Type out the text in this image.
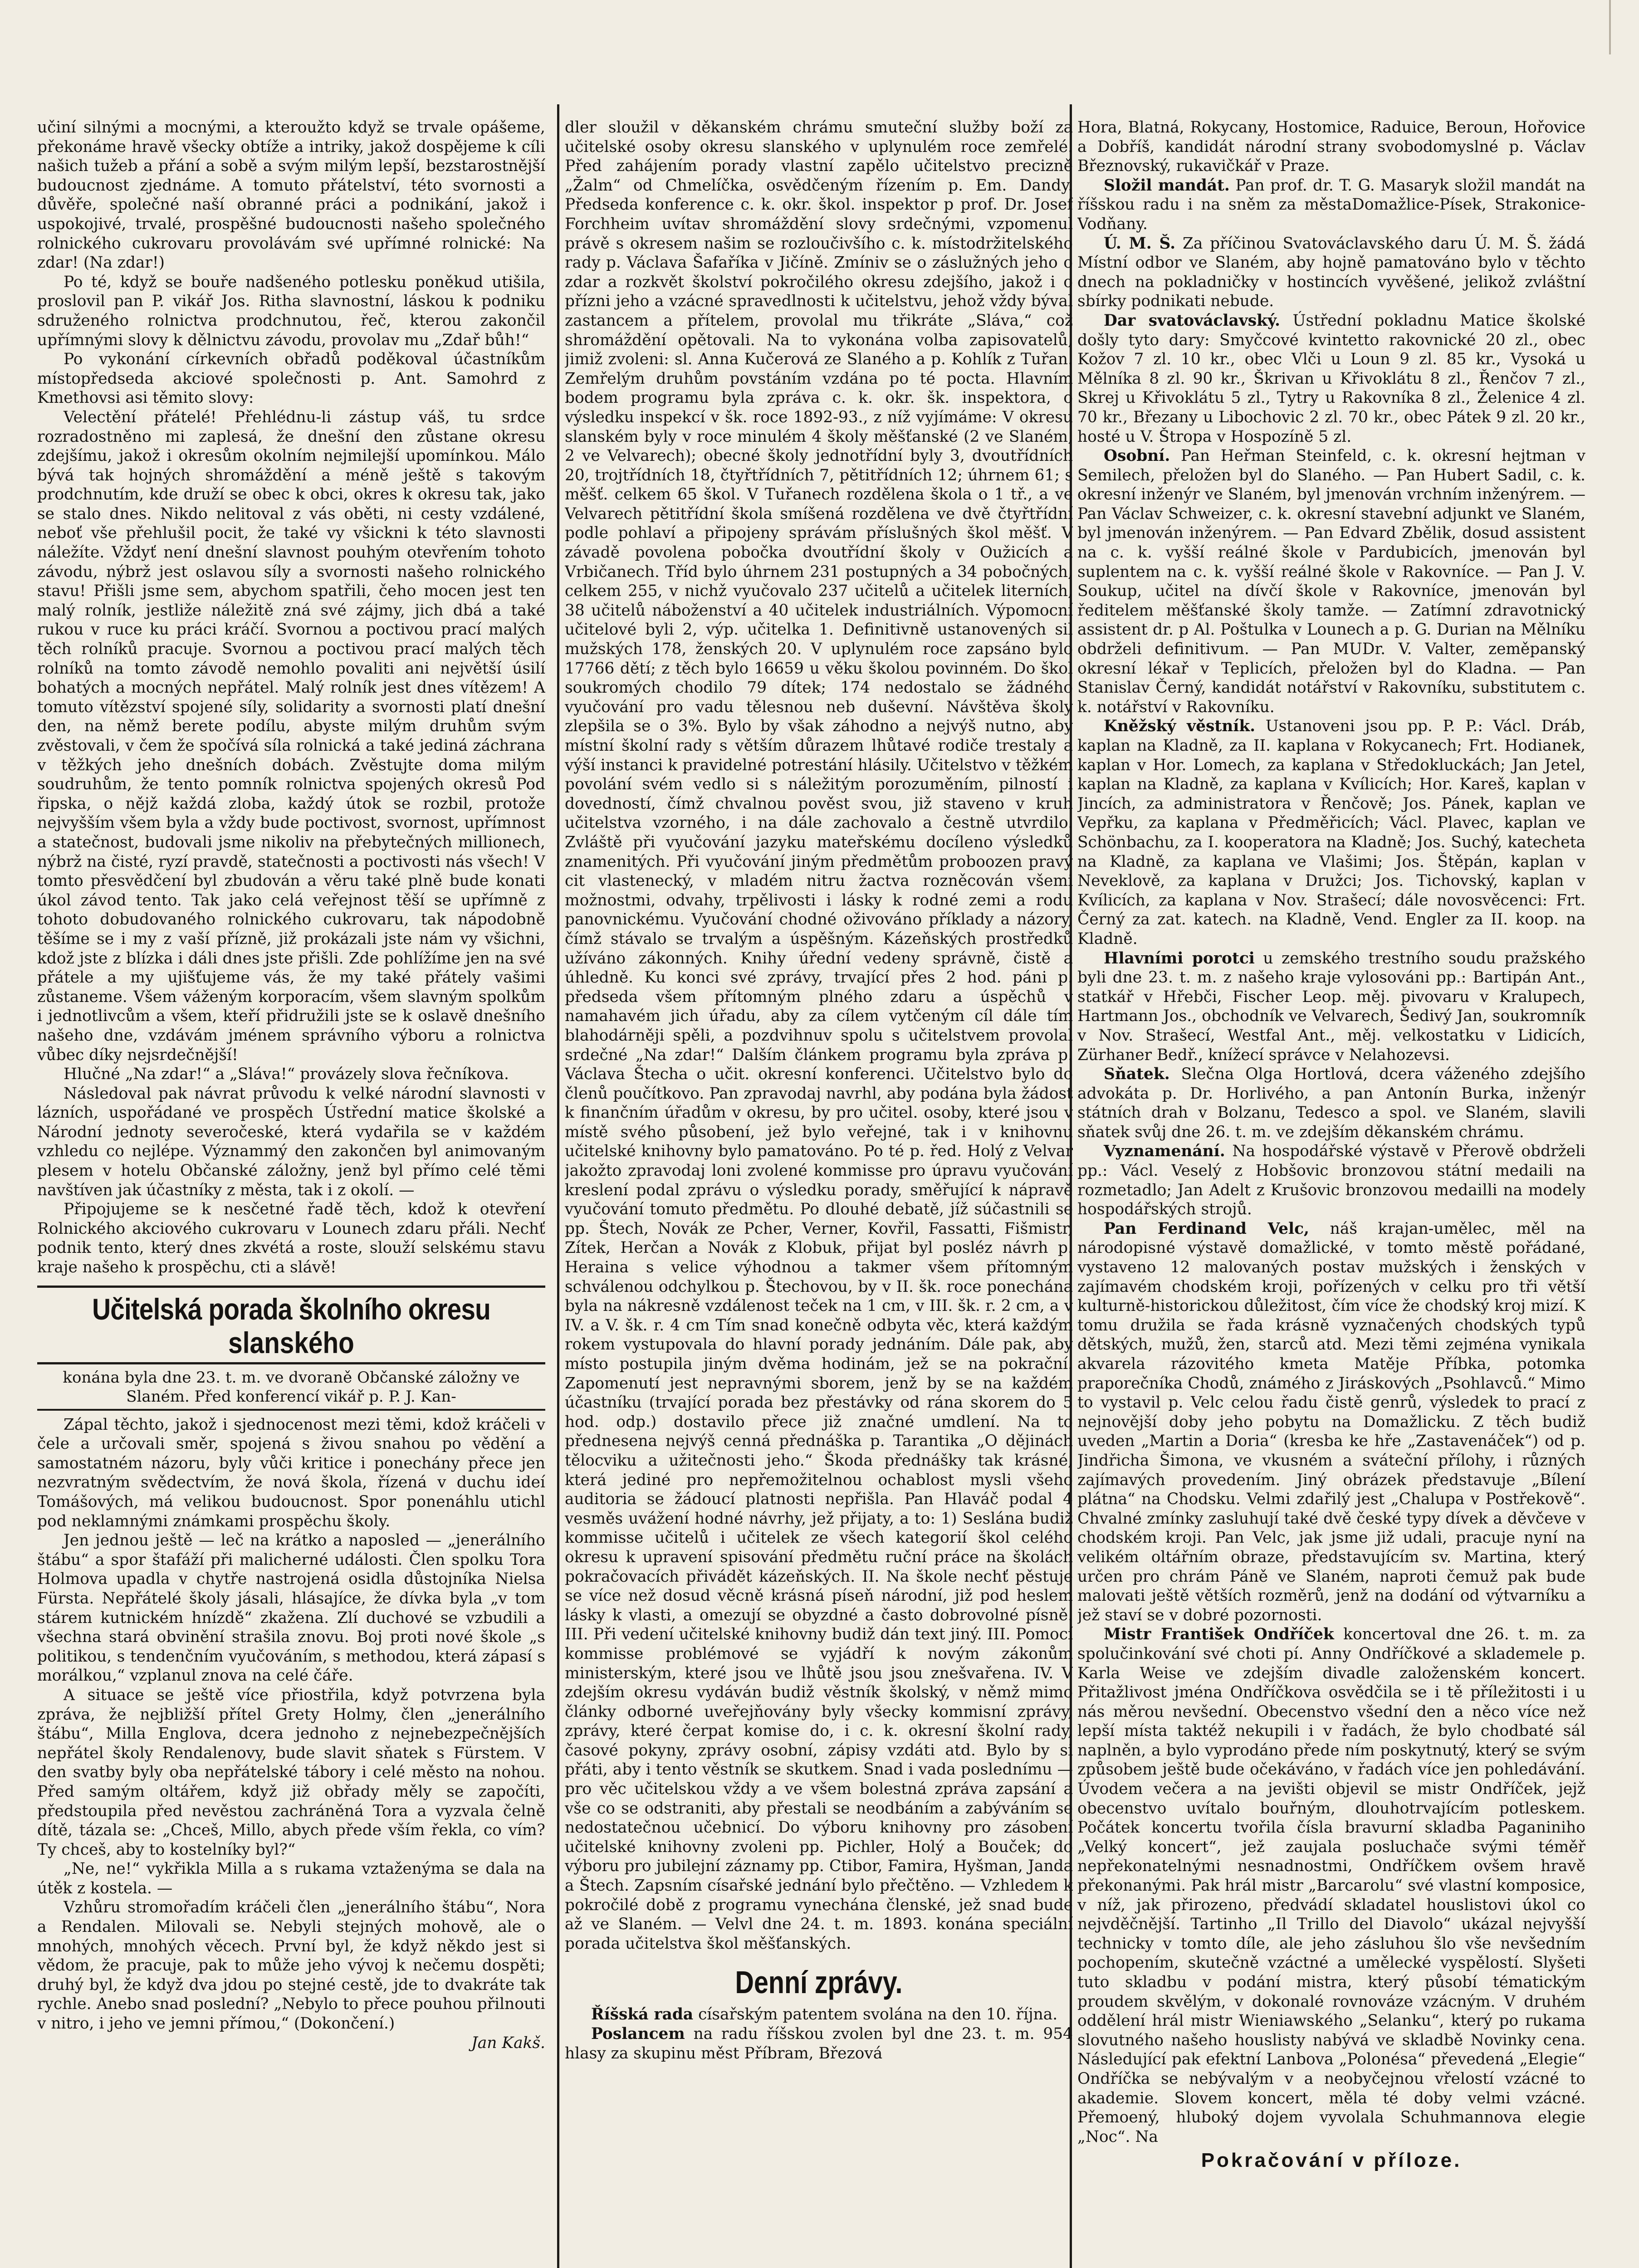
učiní silnými a mocnými, a kteroužto když se trvale opášeme, překonáme hravě všecky obtíže a intriky, jakož dospějeme k cíli našich tužeb a přání a sobě a svým milým lepší, bezstarostnější budoucnost zjednáme. A tomuto přátelství, této svornosti a důvěře, společné naší obranné práci a podnikání, jakož i uspokojivé, trvalé, prospěšné budoucnosti našeho společného rolnického cukrovaru provolávám své upřímné rolnické: Na zdar! (Na zdar!)

Po té, když se bouře nadšeného potlesku poněkud utišila, proslovil pan P. vikář Jos. Ritha slavnostní, láskou k podniku sdruženého rolnictva prodchnutou, řeč, kterou zakončil upřímnými slovy k dělnictvu závodu, provolav mu „Zdař bůh!“

Po vykonání církevních obřadů poděkoval účastníkům místopředseda akciové společnosti p. Ant. Samohrd z Kmethovsi asi těmito slovy:

Velectění přátelé! Přehlédnu-li zástup váš, tu srdce rozradostněno mi zaplesá, že dnešní den zůstane okresu zdejšímu, jakož i okresům okolním nejmilejší upomínkou. Málo bývá tak hojných shromáždění a méně ještě s takovým prodchnutím, kde druží se obec k obci, okres k okresu tak, jako se stalo dnes. Nikdo nelitoval z vás oběti, ni cesty vzdálené, neboť vše přehlušil pocit, že také vy všickni k této slavnosti náležíte. Vždyť není dnešní slavnost pouhým otevřením tohoto závodu, nýbrž jest oslavou síly a svornosti našeho rolnického stavu! Přišli jsme sem, abychom spatřili, čeho mocen jest ten malý rolník, jestliže náležitě zná své zájmy, jich dbá a také rukou v ruce ku práci kráčí. Svornou a poctivou prací malých těch rolníků pracuje. Svornou a poctivou prací malých těch rolníků na tomto závodě nemohlo povaliti ani největší úsilí bohatých a mocných nepřátel. Malý rolník jest dnes vítězem! A tomuto vítězství spojené síly, solidarity a svornosti platí dnešní den, na němž berete podílu, abyste milým druhům svým zvěstovali, v čem že spočívá síla rolnická a také jediná záchrana v těžkých jeho dnešních dobách. Zvěstujte doma milým soudruhům, že tento pomník rolnictva spojených okresů Pod řipska, o nějž každá zloba, každý útok se rozbil, protože nejvyšším všem byla a vždy bude poctivost, svornost, upřímnost a statečnost, budovali jsme nikoliv na přebytečných millionech, nýbrž na čisté, ryzí pravdě, statečnosti a poctivosti nás všech! V tomto přesvědčení byl zbudován a věru také plně bude konati úkol závod tento. Tak jako celá veřejnost těší se upřímně z tohoto dobudovaného rolnického cukrovaru, tak nápodobně těšíme se i my z vaší přízně, již prokázali jste nám vy všichni, kdož jste z blízka i dáli dnes jste přišli. Zde pohlížíme jen na své přátele a my ujišťujeme vás, že my také přátely vašimi zůstaneme. Všem váženým korporacím, všem slavným spolkům i jednotlivcům a všem, kteří přidružili jste se k oslavě dnešního našeho dne, vzdávám jménem správního výboru a rolnictva vůbec díky nejsrdečnější!

Hlučné „Na zdar!“ a „Sláva!“ provázely slova řečníkova.

Následoval pak návrat průvodu k velké národní slavnosti v lázních, uspořádané ve prospěch Ústřední matice školské a Národní jednoty severočeské, která vydařila se v každém vzhledu co nejlépe. Význammý den zakončen byl animovaným plesem v hotelu Občanské záložny, jenž byl přímo celé těmi navštíven jak účastníky z města, tak i z okolí. —

Připojujeme se k nesčetné řadě těch, kdož k otevření Rolnického akciového cukrovaru v Lounech zdaru přáli. Nechť podnik tento, který dnes zkvétá a roste, slouží selskému stavu kraje našeho k prospěchu, cti a slávě!

Učitelská porada školního okresu
slanského
konána byla dne 23. t. m. ve dvoraně Občanské záložny ve Slaném. Před konferencí vikář p. P. J. Kan-

Zápal těchto, jakož i sjednocenost mezi těmi, kdož kráčeli v čele a určovali směr, spojená s živou snahou po vědění a samostatném názoru, byly vůči kritice i ponechány přece jen nezvratným svědectvím, že nová škola, řízená v duchu ideí Tomášových, má velikou budoucnost. Spor ponenáhlu utichl pod neklamnými známkami prospěchu školy.

Jen jednou ještě — leč na krátko a naposled — „jenerálního štábu“ a spor štafáží při malicherné události. Člen spolku Tora Holmova upadla v chytře nastrojená osidla důstojníka Nielsa Fürsta. Nepřátelé školy jásali, hlásajíce, že dívka byla „v tom stárem kutnickém hnízdě“ zkažena. Zlí duchové se vzbudili a všechna stará obvinění strašila znovu. Boj proti nové škole „s politikou, s tendenčním vyučováním, s methodou, která zápasí s morálkou,“ vzplanul znova na celé čáře.

A situace se ještě více přiostřila, když potvrzena byla zpráva, že nejbližší přítel Grety Holmy, člen „jenerálního štábu“, Milla Englova, dcera jednoho z nejnebezpečnějších nepřátel školy Rendalenovy, bude slavit sňatek s Fürstem. V den svatby byly oba nepřátelské tábory i celé město na nohou. Před samým oltářem, když již obřady měly se započíti, předstoupila před nevěstou zachráněná Tora a vyzvala čelně dítě, tázala se: „Chceš, Millo, abych přede vším řekla, co vím? Ty chceš, aby to kostelníky byl?“

„Ne, ne!“ vykřikla Milla a s rukama vztaženýma se dala na útěk z kostela. —

Vzhůru stromořadím kráčeli člen „jenerálního štábu“, Nora a Rendalen. Milovali se. Nebyli stejných mohově, ale o mnohých, mnohých věcech. První byl, že když někdo jest si vědom, že pracuje, pak to může jeho vývoj k nečemu dospěti; druhý byl, že když dva jdou po stejné cestě, jde to dvakráte tak rychle. Anebo snad poslední? „Nebylo to přece pouhou přilnouti v nitro, i jeho ve jemni přímou,“ (Dokončení.)

Jan Kakš.

dler sloužil v děkanském chrámu smuteční služby boží za učitelské osoby okresu slanského v uplynulém roce zemřelé. Před zahájením porady vlastní zapělo učitelstvo precizně „Žalm“ od Chmelíčka, osvědčeným řízením p. Em. Dandy. Předseda konference c. k. okr. škol. inspektor p prof. Dr. Josef Forchheim uvítav shromáždění slovy srdečnými, vzpomenul právě s okresem našim se rozloučivšího c. k. místodržitelského rady p. Václava Šafaříka v Jičíně. Zmíniv se o záslužných jeho o zdar a rozkvět školství pokročilého okresu zdejšího, jakož i o přízni jeho a vzácné spravedlnosti k učitelstvu, jehož vždy býval zastancem a přítelem, provolal mu třikráte „Sláva,“ což shromáždění opětovali. Na to vykonána volba zapisovatelů, jimiž zvoleni: sl. Anna Kučerová ze Slaného a p. Kohlík z Tuřan. Zemřelým druhům povstáním vzdána po té pocta. Hlavním bodem programu byla zpráva c. k. okr. šk. inspektora, o výsledku inspekcí v šk. roce 1892-93., z níž vyjímáme: V okresu slanském byly v roce minulém 4 školy měšťanské (2 ve Slaném, 2 ve Velvarech); obecné školy jednotřídní byly 3, dvoutřídních 20, trojtřídních 18, čtyřtřídních 7, pětitřídních 12; úhrnem 61; s měšť. celkem 65 škol. V Tuřanech rozdělena škola o 1 tř., a ve Velvarech pětitřídní škola smíšená rozdělena ve dvě čtyřtřídní podle pohlaví a připojeny správám příslušných škol měšť. V závadě povolena pobočka dvoutřídní školy v Oužicích a Vrbičanech. Tříd bylo úhrnem 231 postupných a 34 pobočných, celkem 255, v nichž vyučovalo 237 učitelů a učitelek literních, 38 učitelů náboženství a 40 učitelek industriálních. Výpomocní učitelové byli 2, výp. učitelka 1. Definitivně ustanovených sil mužských 178, ženských 20. V uplynulém roce zapsáno bylo 17766 dětí; z těch bylo 16659 u věku školou povinném. Do škol soukromých chodilo 79 dítek; 174 nedostalo se žádného vyučování pro vadu tělesnou neb duševní. Návštěva školy zlepšila se o 3%. Bylo by však záhodno a nejvýš nutno, aby místní školní rady s větším důrazem lhůtavé rodiče trestaly a výší instanci k pravidelné potrestání hlásily. Učitelstvo v těžkém povolání svém vedlo si s náležitým porozuměním, pilností i dovedností, čímž chvalnou pověst svou, již staveno v kruh učitelstva vzorného, i na dále zachovalo a čestně utvrdilo. Zvláště při vyučování jazyku mateřskému docíleno výsledků znamenitých. Při vyučování jiným předmětům proboozen pravý cit vlastenecký, v mladém nitru žactva rozněcován všemi možnostmi, odvahy, trpělivosti i lásky k rodné zemi a rodu panovnickému. Vyučování chodné oživováno příklady a názory, čímž stávalo se trvalým a úspěšným. Kázeňských prostředků užíváno zákonných. Knihy úřední vedeny správně, čistě a úhledně. Ku konci své zprávy, trvající přes 2 hod. páni p. předseda všem přítomným plného zdaru a úspěchů v namahavém jich úřadu, aby za cílem vytčeným cíl dále tím blahodárněji spěli, a pozdvihnuv spolu s učitelstvem provolal srdečné „Na zdar!“ Dalším článkem programu byla zpráva p. Václava Štecha o učit. okresní konferenci. Učitelstvo bylo do členů poučítkovo. Pan zpravodaj navrhl, aby podána byla žádost k finančním úřadům v okresu, by pro učitel. osoby, které jsou v místě svého působení, jež bylo veřejné, tak i v knihovnu učitelské knihovny bylo pamatováno. Po té p. řed. Holý z Velvar jakožto zpravodaj loni zvolené kommisse pro úpravu vyučování kreslení podal zprávu o výsledku porady, směřující k nápravě vyučování tomuto předmětu. Po dlouhé debatě, jíž súčastnili se pp. Štech, Novák ze Pcher, Verner, Kovřil, Fassatti, Fišmistr, Zítek, Herčan a Novák z Klobuk, přijat byl posléz návrh p. Heraina s velice výhodnou a takmer všem přítomným schválenou odchylkou p. Štechovou, by v II. šk. roce ponechána byla na nákresně vzdálenost teček na 1 cm, v III. šk. r. 2 cm, a v IV. a V. šk. r. 4 cm Tím snad konečně odbyta věc, která každým rokem vystupovala do hlavní porady jednáním. Dále pak, aby místo postupila jiným dvěma hodinám, jež se na pokrační. Zapomenutí jest nepravnými sborem, jenž by se na každém účastníku (trvající porada bez přestávky od rána skorem do 5 hod. odp.) dostavilo přece již značné umdlení. Na to přednesena nejvýš cenná přednáška p. Tarantika „O dějinách tělocviku a užitečnosti jeho.“ Škoda přednášky tak krásné, která jediné pro nepřemožitelnou ochablost mysli všeho auditoria se žádoucí platnosti nepřišla. Pan Hlaváč podal 4 vesměs uvážení hodné návrhy, jež přijaty, a to: 1) Seslána budiž kommisse učitelů i učitelek ze všech kategorií škol celého okresu k upravení spisování předmětu ruční práce na školách pokračovacích přivádět kázeňských. II. Na škole nechť pěstuje se více než dosud věcně krásná píseň národní, již pod heslem lásky k vlasti, a omezují se obyzdné a často dobrovolné písně. III. Při vedení učitelské knihovny budiž dán text jiný. III. Pomocí kommisse problémové se vyjádří k novým zákonům ministerským, které jsou ve lhůtě jsou jsou znešvařena. IV. V zdejším okresu vydáván budiž věstník školský, v němž mimo články odborné uveřejňovány byly všecky kommisní zprávy, zprávy, které čerpat komise do, i c. k. okresní školní rady, časové pokyny, zprávy osobní, zápisy vzdáti atd. Bylo by si přáti, aby i tento věstník se skutkem. Snad i vada poslednímu — pro věc učitelskou vždy a ve všem bolestná zpráva zapsání a vše co se odstraniti, aby přestali se neodbáním a zabýváním se nedostatečnou učebnicí. Do výboru knihovny pro zásobení učitelské knihovny zvoleni pp. Pichler, Holý a Bouček; do výboru pro jubilejní záznamy pp. Ctibor, Famira, Hyšman, Janda a Štech. Zapsním císařské jednání bylo přečtěno. — Vzhledem k pokročilé době z programu vynechána členské, jež snad bude až ve Slaném. — Velvl dne 24. t. m. 1893. konána speciální porada učitelstva škol měšťanských.

Denní zprávy.

Říšská rada císařským patentem svolána na den 10. října.

Poslancem na radu říšskou zvolen byl dne 23. t. m. 954 hlasy za skupinu měst Příbram, Březová

Hora, Blatná, Rokycany, Hostomice, Raduice, Beroun, Hořovice a Dobříš, kandidát národní strany svobodomyslné p. Václav Březnovský, rukavičkář v Praze.

Složil mandát. Pan prof. dr. T. G. Masaryk složil mandát na říšskou radu i na sněm za městaDomažlice-Písek, Strakonice-Vodňany.

Ú. M. Š. Za příčinou Svatováclavského daru Ú. M. Š. žádá Místní odbor ve Slaném, aby hojně pamatováno bylo v těchto dnech na pokladničky v hostincích vyvěšené, jelikož zvláštní sbírky podnikati nebude.

Dar svatováclavský. Ústřední pokladnu Matice školské došly tyto dary: Smyčcové kvintetto rakovnické 20 zl., obec Kožov 7 zl. 10 kr., obec Vlči u Loun 9 zl. 85 kr., Vysoká u Mělníka 8 zl. 90 kr., Škrivan u Křivoklátu 8 zl., Řenčov 7 zl., Skrej u Křivoklátu 5 zl., Tytry u Rakovníka 8 zl., Želenice 4 zl. 70 kr., Březany u Libochovic 2 zl. 70 kr., obec Pátek 9 zl. 20 kr., hosté u V. Štropa v Hospozíně 5 zl.

Osobní. Pan Heřman Steinfeld, c. k. okresní hejtman v Semilech, přeložen byl do Slaného. — Pan Hubert Sadil, c. k. okresní inženýr ve Slaném, byl jmenován vrchním inženýrem. — Pan Václav Schweizer, c. k. okresní stavební adjunkt ve Slaném, byl jmenován inženýrem. — Pan Edvard Zbělik, dosud assistent na c. k. vyšší reálné škole v Pardubicích, jmenován byl suplentem na c. k. vyšší reálné škole v Rakovníce. — Pan J. V. Soukup, učitel na dívčí škole v Rakovníce, jmenován byl ředitelem měšťanské školy tamže. — Zatímní zdravotnický assistent dr. p Al. Poštulka v Lounech a p. G. Durian na Mělníku obdrželi definitivum. — Pan MUDr. V. Valter, zeměpanský okresní lékař v Teplicích, přeložen byl do Kladna. — Pan Stanislav Černý, kandidát notářství v Rakovníku, substitutem c. k. notářství v Rakovníku.

Kněžský věstník. Ustanoveni jsou pp. P. P.: Václ. Dráb, kaplan na Kladně, za II. kaplana v Rokycanech; Frt. Hodianek, kaplan v Hor. Lomech, za kaplana v Středokluckách; Jan Jetel, kaplan na Kladně, za kaplana v Kvílicích; Hor. Kareš, kaplan v Jincích, za administratora v Řenčově; Jos. Pánek, kaplan ve Vepřku, za kaplana v Předměřicích; Václ. Plavec, kaplan ve Schönbachu, za I. kooperatora na Kladně; Jos. Suchý, katecheta na Kladně, za kaplana ve Vlašimi; Jos. Štěpán, kaplan v Neveklově, za kaplana v Družci; Jos. Tichovský, kaplan v Kvílicích, za kaplana v Nov. Strašecí; dále novosvěcenci: Frt. Černý za zat. katech. na Kladně, Vend. Engler za II. koop. na Kladně.

Hlavními porotci u zemského trestního soudu pražského byli dne 23. t. m. z našeho kraje vylosováni pp.: Bartipán Ant., statkář v Hřebči, Fischer Leop. měj. pivovaru v Kralupech, Hartmann Jos., obchodník ve Velvarech, Šedivý Jan, soukromník v Nov. Strašecí, Westfal Ant., měj. velkostatku v Lidicích, Zürhaner Bedř., knížecí správce v Nelahozevsi.

Sňatek. Slečna Olga Hortlová, dcera váženého zdejšího advokáta p. Dr. Horlivého, a pan Antonín Burka, inženýr státních drah v Bolzanu, Tedesco a spol. ve Slaném, slavili sňatek svůj dne 26. t. m. ve zdejším děkanském chrámu.

Vyznamenání. Na hospodářské výstavě v Přerově obdrželi pp.: Václ. Veselý z Hobšovic bronzovou státní medaili na rozmetadlo; Jan Adelt z Krušovic bronzovou medailli na modely hospodářských strojů.

Pan Ferdinand Velc, náš krajan-umělec, měl na národopisné výstavě domažlické, v tomto městě pořádané, vystaveno 12 malovaných postav mužských i ženských v zajímavém chodském kroji, pořízených v celku pro tři větší kulturně-historickou důležitost, čím více že chodský kroj mizí. K tomu družila se řada krásně vyznačených chodských typů dětských, mužů, žen, starců atd. Mezi těmi zejména vynikala akvarela rázovitého kmeta Matěje Příbka, potomka praporečníka Chodů, známého z Jiráskových „Psohlavců.“ Mimo to vystavil p. Velc celou řadu čistě genrů, výsledek to prací z nejnovější doby jeho pobytu na Domažlicku. Z těch budiž uveden „Martin a Doria“ (kresba ke hře „Zastavenáček“) od p. Jindřicha Šimona, ve vkusném a sváteční přílohy, i různých zajímavých provedením. Jiný obrázek představuje „Bílení plátna“ na Chodsku. Velmi zdařilý jest „Chalupa v Postřekově“. Chvalné zmínky zasluhují také dvě české typy dívek a děvčeve v chodském kroji. Pan Velc, jak jsme již udali, pracuje nyní na velikém oltářním obraze, představujícím sv. Martina, který určen pro chrám Páně ve Slaném, naproti čemuž pak bude malovati ještě větších rozměrů, jenž na dodání od výtvarníku a jež staví se v dobré pozornosti.

Mistr František Ondříček koncertoval dne 26. t. m. za spolučinkování své choti pí. Anny Ondříčkové a sklademele p. Karla Weise ve zdejším divadle založenském koncert. Přitažlivost jména Ondříčkova osvědčila se i tě příležitosti i u nás měrou nevšední. Obecenstvo všední den a něco více než lepší místa taktéž nekupili i v řadách, že bylo chodbaté sál naplněn, a bylo vyprodáno přede ním poskytnutý, který se svým způsobem ještě bude očekáváno, v řadách více jen pohledávání. Úvodem večera a na jevišti objevil se mistr Ondříček, jejž obecenstvo uvítalo bouřným, dlouhotrvajícím potleskem. Počátek koncertu tvořila čísla bravurní skladba Paganiniho „Velký koncert“, jež zaujala posluchače svými téměř nepřekonatelnými nesnadnostmi, Ondříčkem ovšem hravě překonanými. Pak hrál mistr „Barcarolu“ své vlastní komposice, v níž, jak přirozeno, předvádí skladatel houslistovi úkol co nejvděčnější. Tartinho „Il Trillo del Diavolo“ ukázal nejvyšší technicky v tomto díle, ale jeho zásluhou šlo vše nevšedním pochopením, skutečně vzáctné a umělecké vyspělostí. Slyšeti tuto skladbu v podání mistra, který působí tématickým proudem skvělým, v dokonalé rovnováze vzácným. V druhém oddělení hrál mistr Wieniawského „Selanku“, který po rukama slovutného našeho houslisty nabývá ve skladbě Novinky cena. Následující pak efektní Lanbova „Polonésa“ převedená „Elegie“ Ondříčka se nebývalým v a neobyčejnou vřelostí vzácné to akademie. Slovem koncert, měla té doby velmi vzácné. Přemoený, hluboký dojem vyvolala Schuhmannova elegie „Noc“. Na

Pokračování v příloze.
